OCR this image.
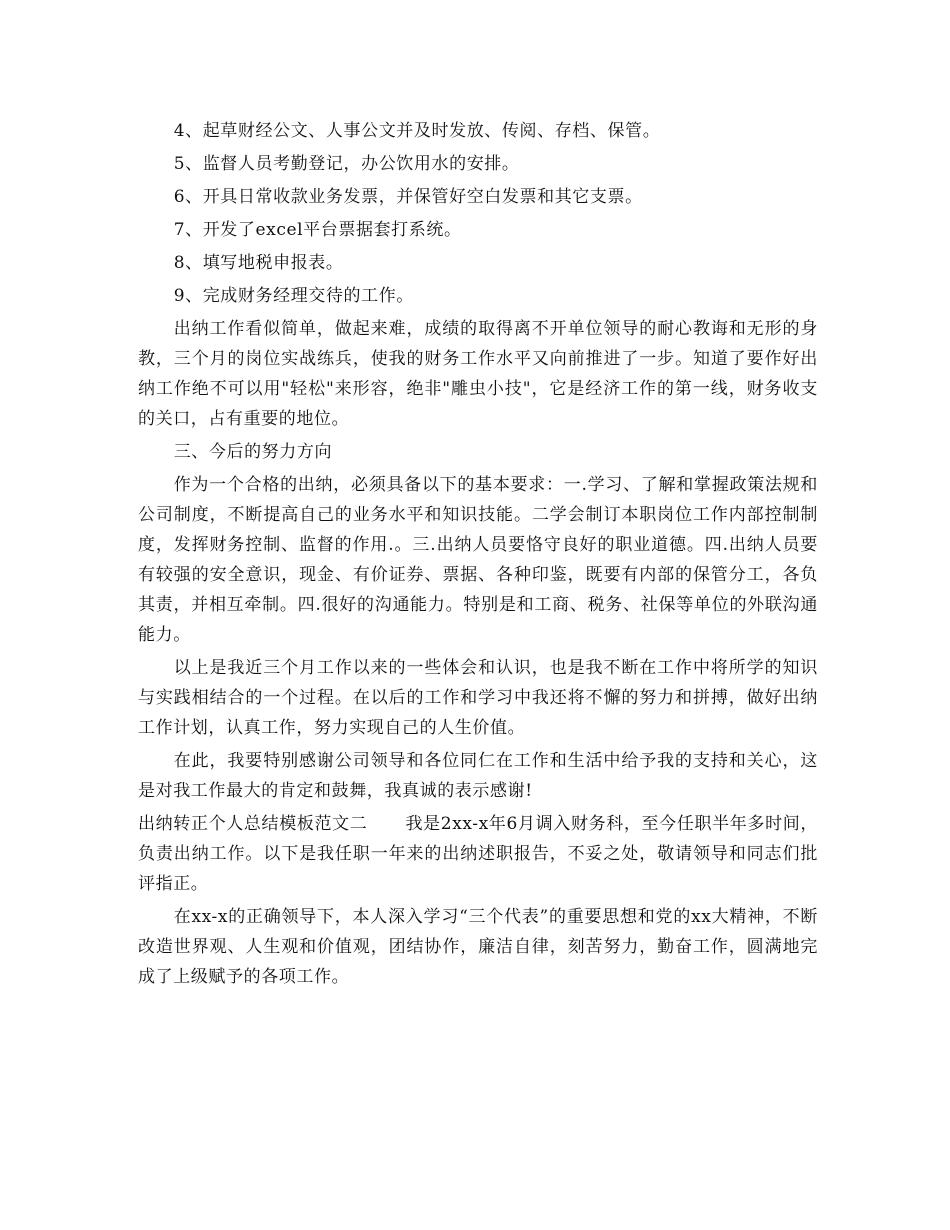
4、起草财经公文、人事公文并及时发放、传阅、存档、保管。

5、监督人员考勤登记，办公饮用水的安排。

6、开具日常收款业务发票，并保管好空白发票和其它支票。

7、开发了excel平台票据套打系统。

8、填写地税申报表。

9、完成财务经理交待的工作。

出纳工作看似简单，做起来难，成绩的取得离不开单位领导的耐心教诲和无形的身教，三个月的岗位实战练兵，使我的财务工作水平又向前推进了一步。知道了要作好出纳工作绝不可以用"轻松"来形容，绝非"雕虫小技"，它是经济工作的第一线，财务收支的关口，占有重要的地位。

三、今后的努力方向

作为一个合格的出纳，必须具备以下的基本要求：一.学习、了解和掌握政策法规和公司制度，不断提高自己的业务水平和知识技能。二学会制订本职岗位工作内部控制制度，发挥财务控制、监督的作用.。三.出纳人员要恪守良好的职业道德。四.出纳人员要有较强的安全意识，现金、有价证券、票据、各种印鉴，既要有内部的保管分工，各负其责，并相互牵制。四.很好的沟通能力。特别是和工商、税务、社保等单位的外联沟通能力。

以上是我近三个月工作以来的一些体会和认识，也是我不断在工作中将所学的知识与实践相结合的一个过程。在以后的工作和学习中我还将不懈的努力和拼搏，做好出纳工作计划，认真工作，努力实现自己的人生价值。

在此，我要特别感谢公司领导和各位同仁在工作和生活中给予我的支持和关心，这是对我工作最大的肯定和鼓舞，我真诚的表示感谢!

出纳转正个人总结模板范文二 我是2xx-x年6月调入财务科，至今任职半年多时间，负责出纳工作。以下是我任职一年来的出纳述职报告，不妥之处，敬请领导和同志们批评指正。

在xx-x的正确领导下，本人深入学习“三个代表”的重要思想和党的xx大精神，不断改造世界观、人生观和价值观，团结协作，廉洁自律，刻苦努力，勤奋工作，圆满地完成了上级赋予的各项工作。
